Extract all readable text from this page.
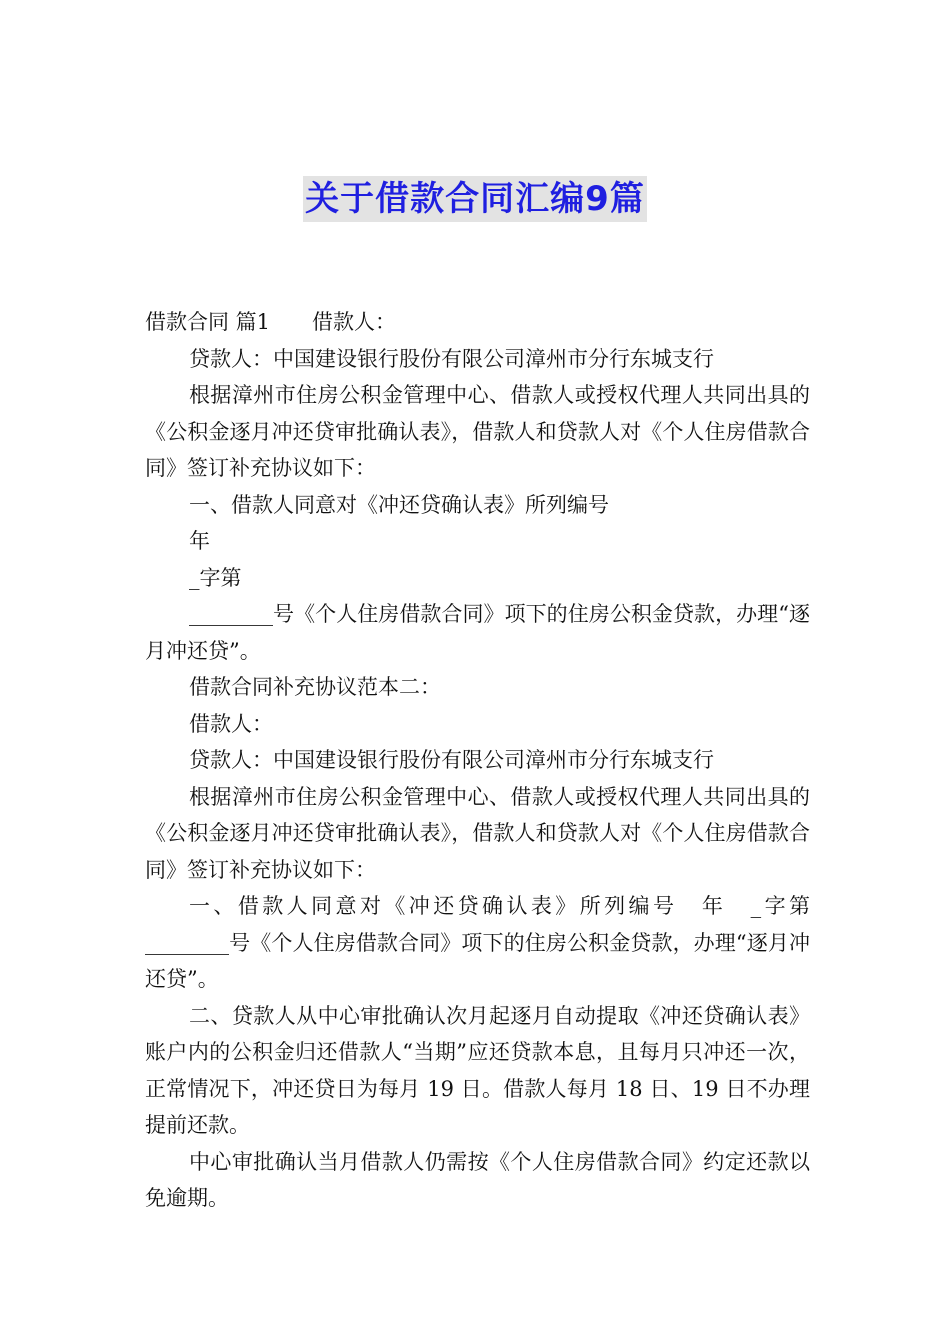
关于借款合同汇编9篇

借款合同 篇1　　借款人：

贷款人：中国建设银行股份有限公司漳州市分行东城支行

根据漳州市住房公积金管理中心、借款人或授权代理人共同出具的《公积金逐月冲还贷审批确认表》，借款人和贷款人对《个人住房借款合同》签订补充协议如下：

一、借款人同意对《冲还贷确认表》所列编号

年

_字第

________号《个人住房借款合同》项下的住房公积金贷款，办理“逐月冲还贷”。

借款合同补充协议范本二：

借款人：

贷款人：中国建设银行股份有限公司漳州市分行东城支行

根据漳州市住房公积金管理中心、借款人或授权代理人共同出具的《公积金逐月冲还贷审批确认表》，借款人和贷款人对《个人住房借款合同》签订补充协议如下：

一、借款人同意对《冲还贷确认表》所列编号　年　_字第　________号《个人住房借款合同》项下的住房公积金贷款，办理“逐月冲还贷”。

二、贷款人从中心审批确认次月起逐月自动提取《冲还贷确认表》账户内的公积金归还借款人“当期”应还贷款本息，且每月只冲还一次，正常情况下，冲还贷日为每月 19 日。借款人每月 18 日、19 日不办理提前还款。

中心审批确认当月借款人仍需按《个人住房借款合同》约定还款以免逾期。
